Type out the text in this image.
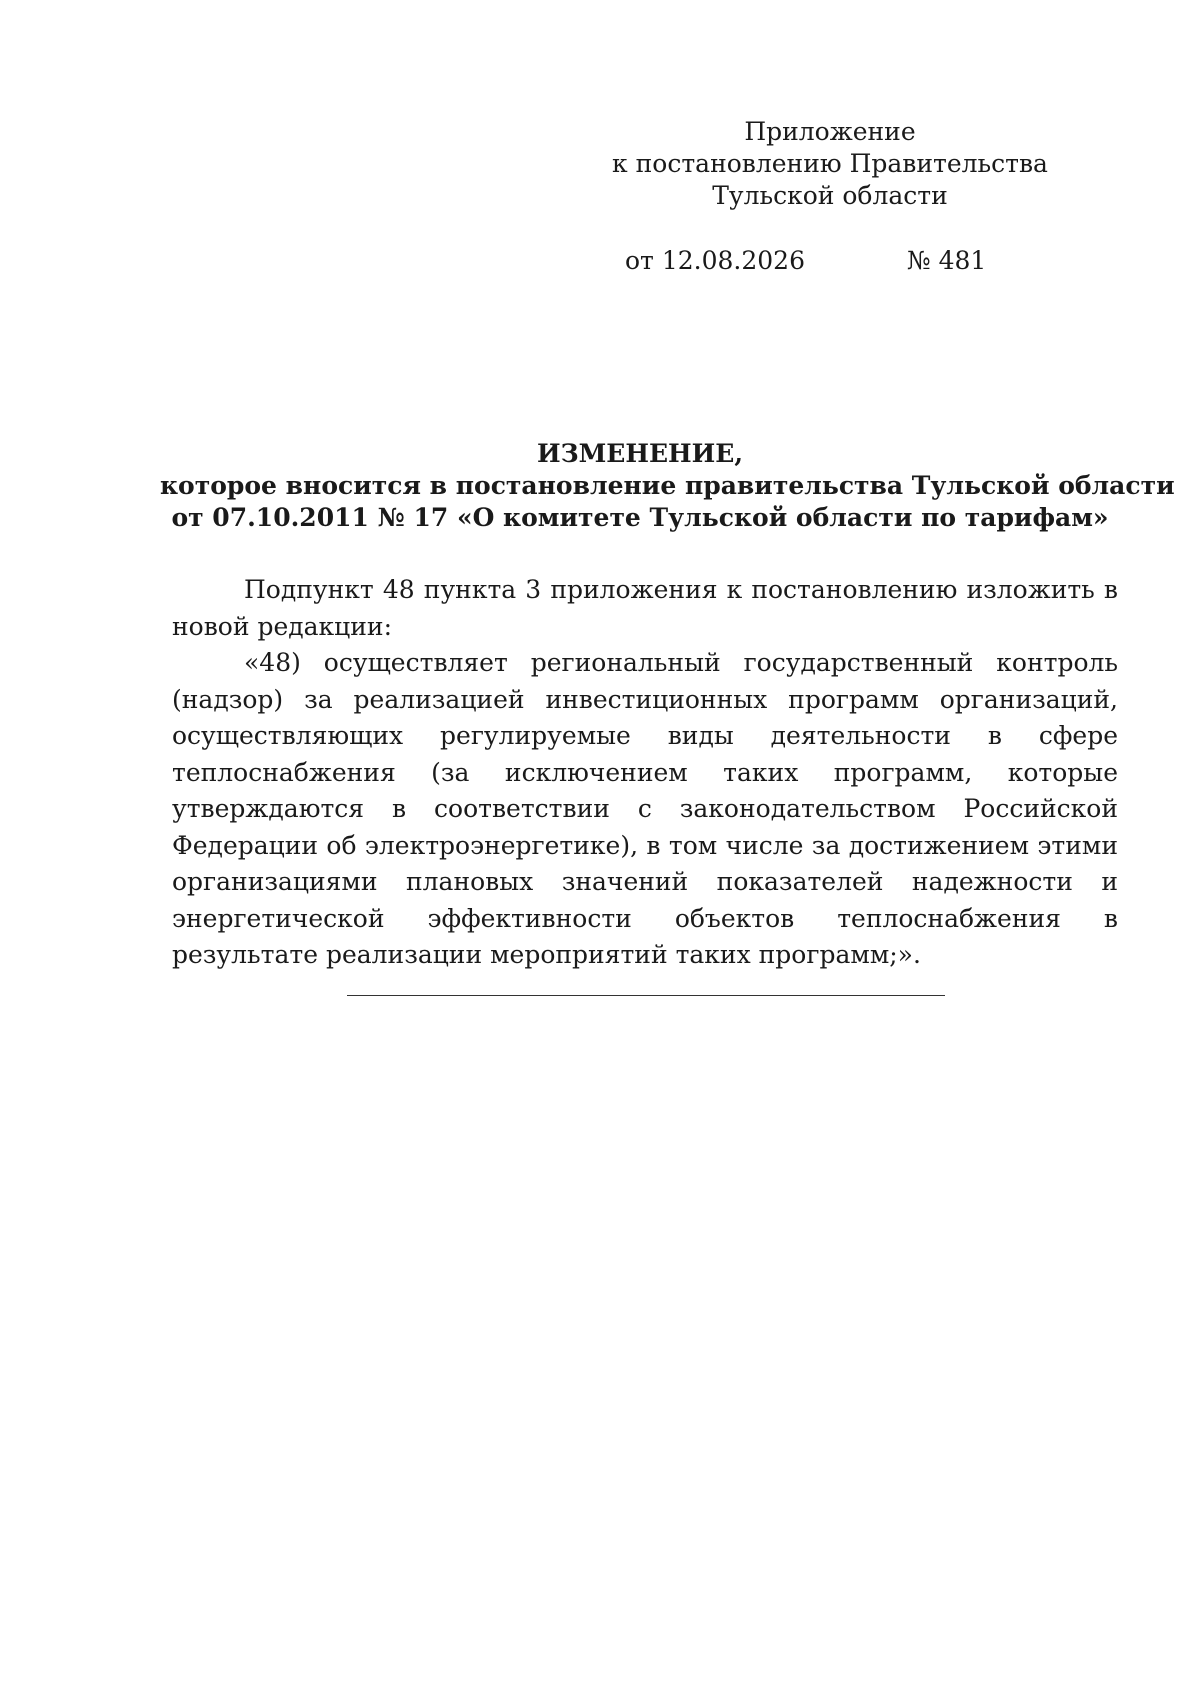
Приложение
к постановлению Правительства
Тульской области
от 12.08.2026	№ 481
ИЗМЕНЕНИЕ,
которое вносится в постановление правительства Тульской области
от 07.10.2011 № 17 «О комитете Тульской области по тарифам»

Подпункт 48 пункта 3 приложения к постановлению изложить в новой редакции:

«48) осуществляет региональный государственный контроль (надзор) за реализацией инвестиционных программ организаций, осуществляющих регулируемые виды деятельности в сфере теплоснабжения (за исключением таких программ, которые утверждаются в соответствии с законодательством Российской Федерации об электроэнергетике), в том числе за достижением этими организациями плановых значений показателей надежности и энергетической эффективности объектов теплоснабжения в результате реализации мероприятий таких программ;».
